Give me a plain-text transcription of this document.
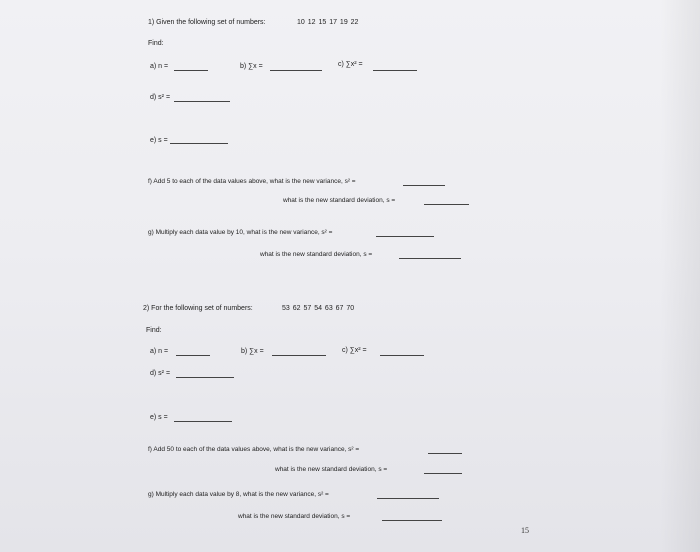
1) Given the following set of numbers:	10 12 15 17 19 22
Find:
a) n =	b) ∑x =	c) ∑x² =
d) s² =
e) s =
f) Add 5 to each of the data values above, what is the new variance, s² =
what is the new standard deviation, s =
g) Multiply each data value by 10, what is the new variance, s² =
what is the new standard deviation, s =
2) For the following set of numbers:	53 62 57 54 63 67 70
Find:
a) n =	b) ∑x =	c) ∑x² =
d) s² =
e) s =
f) Add 50 to each of the data values above, what is the new variance, s² =
what is the new standard deviation, s =
g) Multiply each data value by 8, what is the new variance, s² =
what is the new standard deviation, s =
15
